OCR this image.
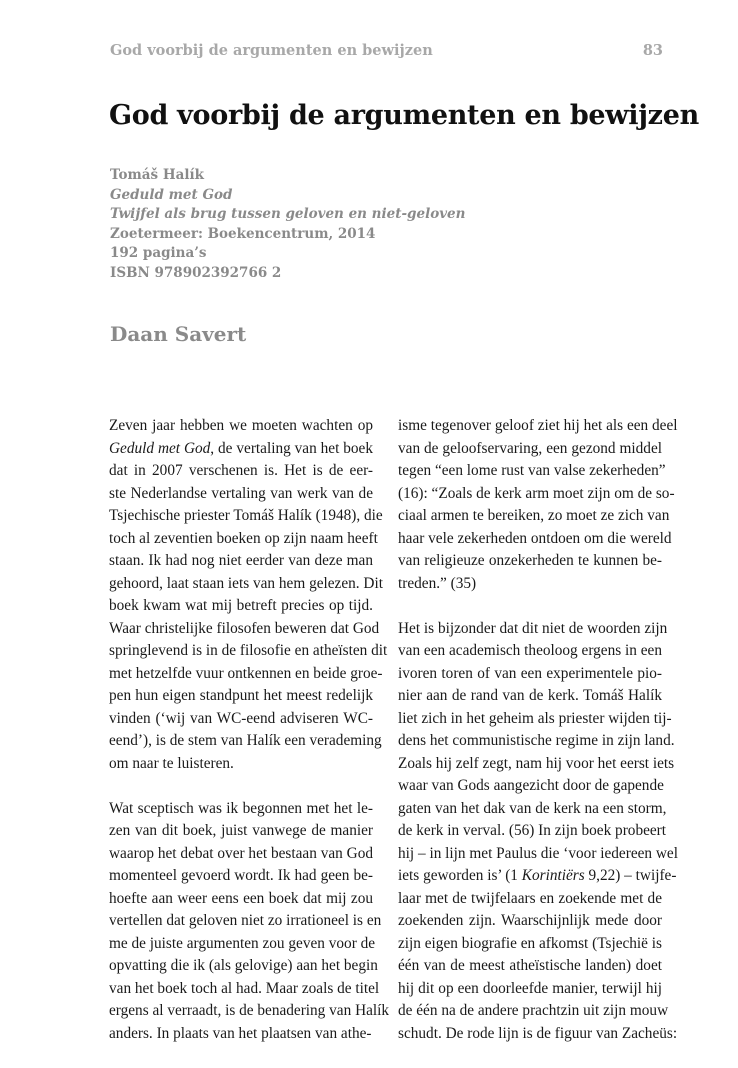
God voorbij de argumenten en bewijzen	83
God voorbij de argumenten en bewijzen
Tomáš Halík
Geduld met God
Twijfel als brug tussen geloven en niet-geloven
Zoetermeer: Boekencentrum, 2014
192 pagina’s
ISBN 978902392766 2
Daan Savert
Zeven jaar hebben we moeten wachten op
Geduld met God, de vertaling van het boek
dat in 2007 verschenen is. Het is de eer-
ste Nederlandse vertaling van werk van de
Tsjechische priester Tomáš Halík (1948), die
toch al zeventien boeken op zijn naam heeft
staan. Ik had nog niet eerder van deze man
gehoord, laat staan iets van hem gelezen. Dit
boek kwam wat mij betreft precies op tijd.
Waar christelijke filosofen beweren dat God
springlevend is in de filosofie en atheïsten dit
met hetzelfde vuur ontkennen en beide groe-
pen hun eigen standpunt het meest redelijk
vinden (‘wij van WC-eend adviseren WC-
eend’), is de stem van Halík een verademing
om naar te luisteren.
Wat sceptisch was ik begonnen met het le-
zen van dit boek, juist vanwege de manier
waarop het debat over het bestaan van God
momenteel gevoerd wordt. Ik had geen be-
hoefte aan weer eens een boek dat mij zou
vertellen dat geloven niet zo irrationeel is en
me de juiste argumenten zou geven voor de
opvatting die ik (als gelovige) aan het begin
van het boek toch al had. Maar zoals de titel
ergens al verraadt, is de benadering van Halík
anders. In plaats van het plaatsen van athe-
isme tegenover geloof ziet hij het als een deel
van de geloofservaring, een gezond middel
tegen “een lome rust van valse zekerheden”
(16): “Zoals de kerk arm moet zijn om de so-
ciaal armen te bereiken, zo moet ze zich van
haar vele zekerheden ontdoen om die wereld
van religieuze onzekerheden te kunnen be-
treden.” (35)
Het is bijzonder dat dit niet de woorden zijn
van een academisch theoloog ergens in een
ivoren toren of van een experimentele pio-
nier aan de rand van de kerk. Tomáš Halík
liet zich in het geheim als priester wijden tij-
dens het communistische regime in zijn land.
Zoals hij zelf zegt, nam hij voor het eerst iets
waar van Gods aangezicht door de gapende
gaten van het dak van de kerk na een storm,
de kerk in verval. (56) In zijn boek probeert
hij – in lijn met Paulus die ‘voor iedereen wel
iets geworden is’ (1 Korintiërs 9,22) – twijfe-
laar met de twijfelaars en zoekende met de
zoekenden zijn. Waarschijnlijk mede door
zijn eigen biografie en afkomst (Tsjechië is
één van de meest atheïstische landen) doet
hij dit op een doorleefde manier, terwijl hij
de één na de andere prachtzin uit zijn mouw
schudt. De rode lijn is de figuur van Zacheüs:
